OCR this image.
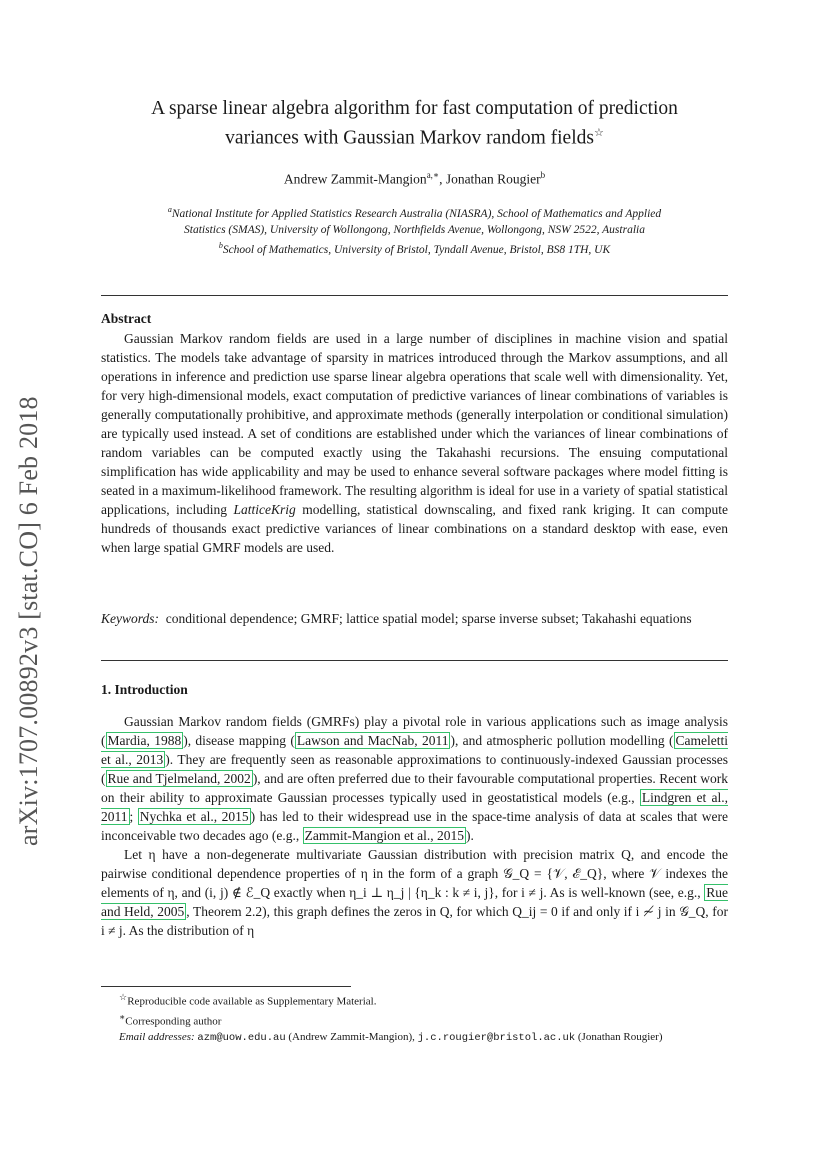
arXiv:1707.00892v3 [stat.CO] 6 Feb 2018
A sparse linear algebra algorithm for fast computation of prediction
variances with Gaussian Markov random fields☆
Andrew Zammit-Mangion$^{a,∗}$, Jonathan Rougier$^b$
$^a$National Institute for Applied Statistics Research Australia (NIASRA), School of Mathematics and Applied
Statistics (SMAS), University of Wollongong, Northfields Avenue, Wollongong, NSW 2522, Australia
$^b$School of Mathematics, University of Bristol, Tyndall Avenue, Bristol, BS8 1TH, UK
Abstract
Gaussian Markov random fields are used in a large number of disciplines in machine vision and spatial statistics. The models take advantage of sparsity in matrices introduced through the Markov assumptions, and all operations in inference and prediction use sparse linear algebra operations that scale well with dimensionality. Yet, for very high-dimensional models, exact computation of predictive variances of linear combinations of variables is generally computationally prohibitive, and approximate methods (generally interpolation or conditional simulation) are typically used instead. A set of conditions are established under which the variances of linear combinations of random variables can be computed exactly using the Takahashi recursions. The ensuing computational simplification has wide applicability and may be used to enhance several software packages where model fitting is seated in a maximum-likelihood framework. The resulting algorithm is ideal for use in a variety of spatial statistical applications, including LatticeKrig modelling, statistical downscaling, and fixed rank kriging. It can compute hundreds of thousands exact predictive variances of linear combinations on a standard desktop with ease, even when large spatial GMRF models are used.
Keywords: conditional dependence; GMRF; lattice spatial model; sparse inverse subset; Takahashi equations
1. Introduction

Gaussian Markov random fields (GMRFs) play a pivotal role in various applications such as image analysis ( Mardia, 1988 ), disease mapping ( Lawson and MacNab, 2011 ), and atmospheric pollution modelling ( Cameletti et al., 2013 ). They are frequently seen as reasonable approximations to continuously-indexed Gaussian processes ( Rue and Tjelmeland, 2002 ), and are often preferred due to their favourable computational properties. Recent work on their ability to approximate Gaussian processes typically used in geostatistical models (e.g., Lindgren et al., 2011 ; Nychka et al., 2015 ) has led to their widespread use in the space-time analysis of data at scales that were inconceivable two decades ago (e.g., Zammit-Mangion et al., 2015 ).

Let η have a non-degenerate multivariate Gaussian distribution with precision matrix Q, and encode the pairwise conditional dependence properties of η in the form of a graph 𝒢_Q = {𝒱, ℰ_Q}, where 𝒱 indexes the elements of η, and (i, j) ∉ ℰ_Q exactly when η_i ⊥ η_j | {η_k : k ≠ i, j}, for i ≠ j. As is well-known (see, e.g., Rue and Held, 2005 , Theorem 2.2), this graph defines the zeros in Q, for which Q_ij = 0 if and only if i ≁ j in 𝒢_Q, for i ≠ j. As the distribution of η

☆Reproducible code available as Supplementary Material.

∗Corresponding author

Email addresses: azm@uow.edu.au (Andrew Zammit-Mangion), j.c.rougier@bristol.ac.uk (Jonathan Rougier)
